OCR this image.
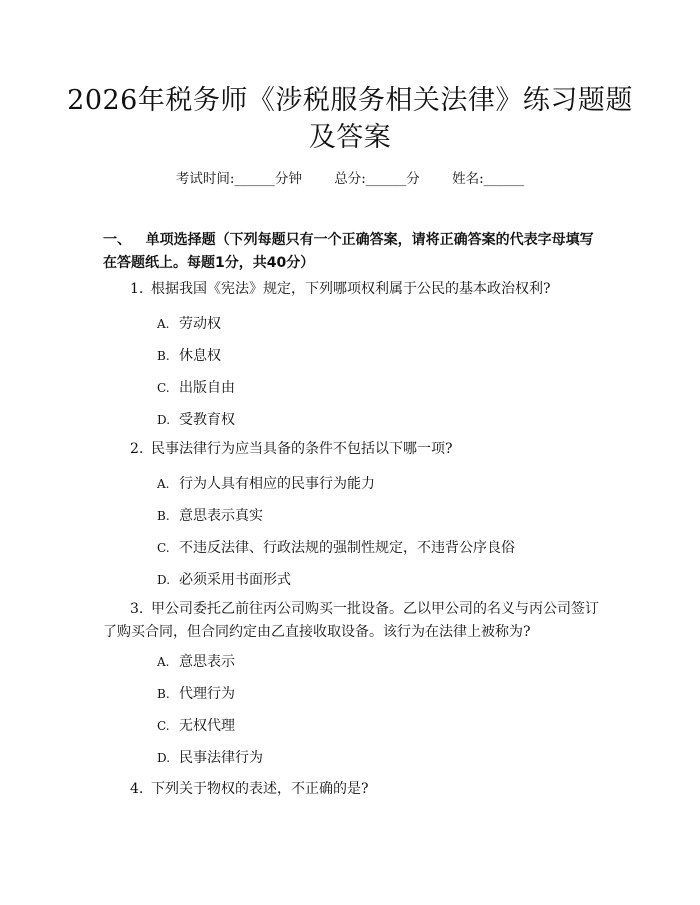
2026年税务师《涉税服务相关法律》练习题题及答案
考试时间:______分钟 总分:______分 姓名:______
一、 单项选择题（下列每题只有一个正确答案，请将正确答案的代表字母填写在答题纸上。每题1分，共40分）
1. 根据我国《宪法》规定，下列哪项权利属于公民的基本政治权利?
A. 劳动权
B. 休息权
C. 出版自由
D. 受教育权
2. 民事法律行为应当具备的条件不包括以下哪一项?
A. 行为人具有相应的民事行为能力
B. 意思表示真实
C. 不违反法律、行政法规的强制性规定，不违背公序良俗
D. 必须采用书面形式
3. 甲公司委托乙前往丙公司购买一批设备。乙以甲公司的名义与丙公司签订了购买合同，但合同约定由乙直接收取设备。该行为在法律上被称为?
A. 意思表示
B. 代理行为
C. 无权代理
D. 民事法律行为
4. 下列关于物权的表述，不正确的是?
